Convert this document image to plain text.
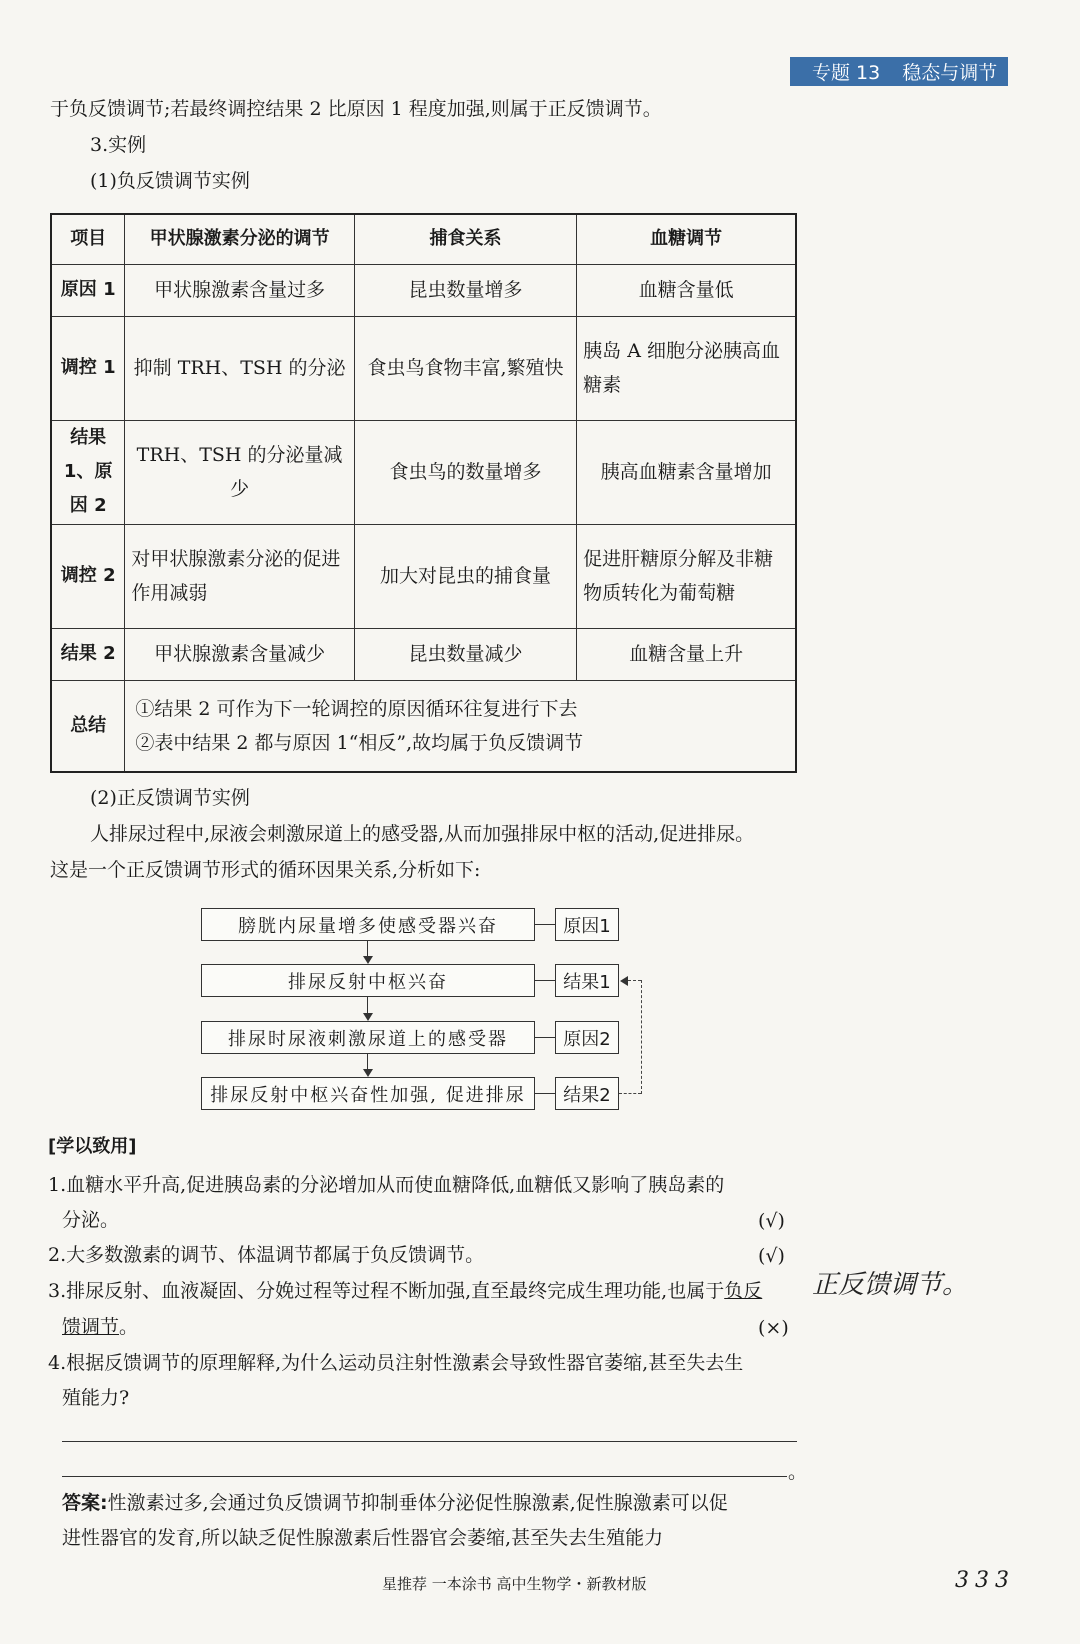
专题 13 稳态与调节
于负反馈调节;若最终调控结果 2 比原因 1 程度加强,则属于正反馈调节。
3.实例
(1)负反馈调节实例
项目	甲状腺激素分泌的调节	捕食关系	血糖调节
原因 1	甲状腺激素含量过多	昆虫数量增多	血糖含量低
调控 1	抑制 TRH、TSH 的分泌	食虫鸟食物丰富,繁殖快	胰岛 A 细胞分泌胰高血糖素
结果 1、原因 2	TRH、TSH 的分泌量减少	食虫鸟的数量增多	胰高血糖素含量增加
调控 2	对甲状腺激素分泌的促进作用减弱	加大对昆虫的捕食量	促进肝糖原分解及非糖物质转化为葡萄糖
结果 2	甲状腺激素含量减少	昆虫数量减少	血糖含量上升
总结	①结果 2 可作为下一轮调控的原因循环往复进行下去
②表中结果 2 都与原因 1“相反”,故均属于负反馈调节		
(2)正反馈调节实例
人排尿过程中,尿液会刺激尿道上的感受器,从而加强排尿中枢的活动,促进排尿。
这是一个正反馈调节形式的循环因果关系,分析如下:
膀胱内尿量增多使感受器兴奋
排尿反射中枢兴奋
排尿时尿液刺激尿道上的感受器
排尿反射中枢兴奋性加强, 促进排尿
原因1
结果1
原因2
结果2
[学以致用]
1.血糖水平升高,促进胰岛素的分泌增加从而使血糖降低,血糖低又影响了胰岛素的
分泌。	(√)
2.大多数激素的调节、体温调节都属于负反馈调节。	(√)
3.排尿反射、血液凝固、分娩过程等过程不断加强,直至最终完成生理功能,也属于负反
馈调节。	(×)
正反馈调节。
4.根据反馈调节的原理解释,为什么运动员注射性激素会导致性器官萎缩,甚至失去生
殖能力?
。
答案:性激素过多,会通过负反馈调节抑制垂体分泌促性腺激素,促性腺激素可以促
进性器官的发育,所以缺乏促性腺激素后性器官会萎缩,甚至失去生殖能力
星推荐 一本涂书 高中生物学・新教材版	333
